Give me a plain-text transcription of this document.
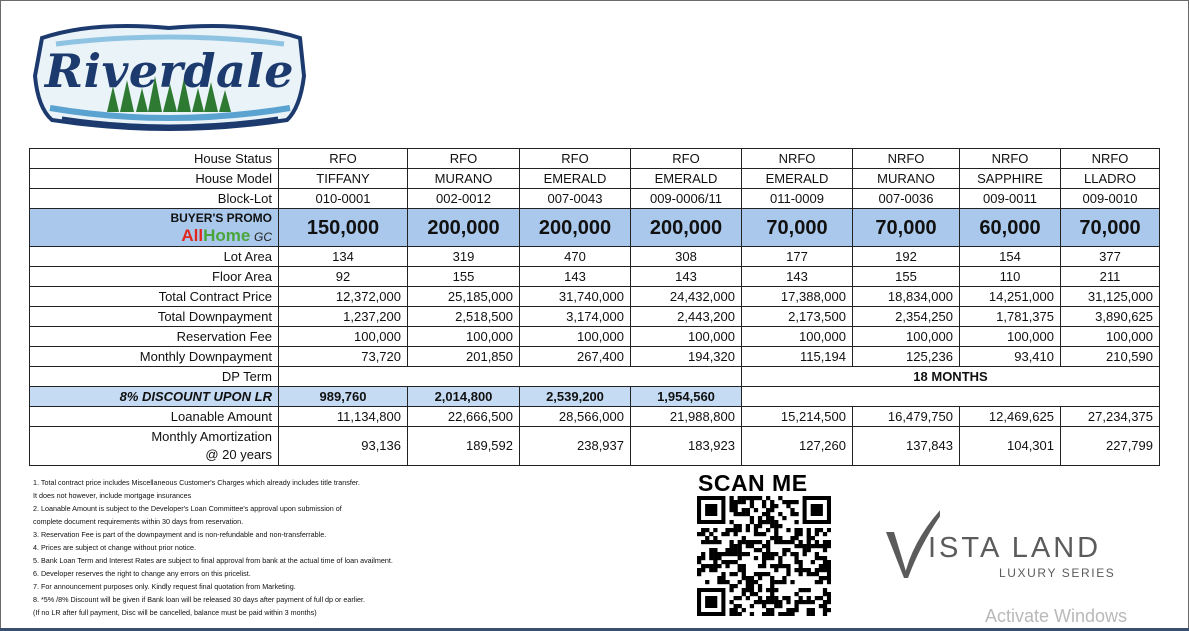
Riverdale
House Status	RFO	RFO	RFO	RFO	NRFO	NRFO	NRFO	NRFO
House Model	TIFFANY	MURANO	EMERALD	EMERALD	EMERALD	MURANO	SAPPHIRE	LLADRO
Block-Lot	010-0001	002-0012	007-0043	009-0006/11	011-0009	007-0036	009-0011	009-0010

BUYER'S PROMO
AllHome GC	150,000	200,000	200,000	200,000	70,000	70,000	60,000	70,000
Lot Area	134	319	470	308	177	192	154	377
Floor Area	92	155	143	143	143	155	110	211
Total Contract Price	12,372,000	25,185,000	31,740,000	24,432,000	17,388,000	18,834,000	14,251,000	31,125,000
Total Downpayment	1,237,200	2,518,500	3,174,000	2,443,200	2,173,500	2,354,250	1,781,375	3,890,625
Reservation Fee	100,000	100,000	100,000	100,000	100,000	100,000	100,000	100,000
Monthly Downpayment	73,720	201,850	267,400	194,320	115,194	125,236	93,410	210,590
DP Term					18 MONTHS			
8% DISCOUNT UPON LR	989,760	2,014,800	2,539,200	1,954,560				
Loanable Amount	11,134,800	22,666,500	28,566,000	21,988,800	15,214,500	16,479,750	12,469,625	27,234,375
Monthly Amortization
@ 20 years	93,136	189,592	238,937	183,923	127,260	137,843	104,301	227,799
1. Total contract price includes Miscellaneous Customer's Charges which already includes title transfer.
It does not however, include mortgage insurances
2. Loanable Amount is subject to the Developer's Loan Committee's approval upon submission of
complete document requirements within 30 days from reservation.
3. Reservation Fee is part of the downpayment and is non-refundable and non-transferrable.
4. Prices are subject ot change without prior notice.
5. Bank Loan Term and Interest Rates are subject to final approval from bank at the actual time of loan availment.
6. Developer reserves the right to change any errors on this pricelist.
7. For announcement purposes only. Kindly request final quotation from Marketing.
8. *5% /8% Discount will be given if Bank loan will be released 30 days after payment of full dp or earlier.
(If no LR after full payment, Disc will be cancelled, balance must be paid within 3 months)
SCAN ME
ISTA LAND
LUXURY SERIES
Activate Windows
